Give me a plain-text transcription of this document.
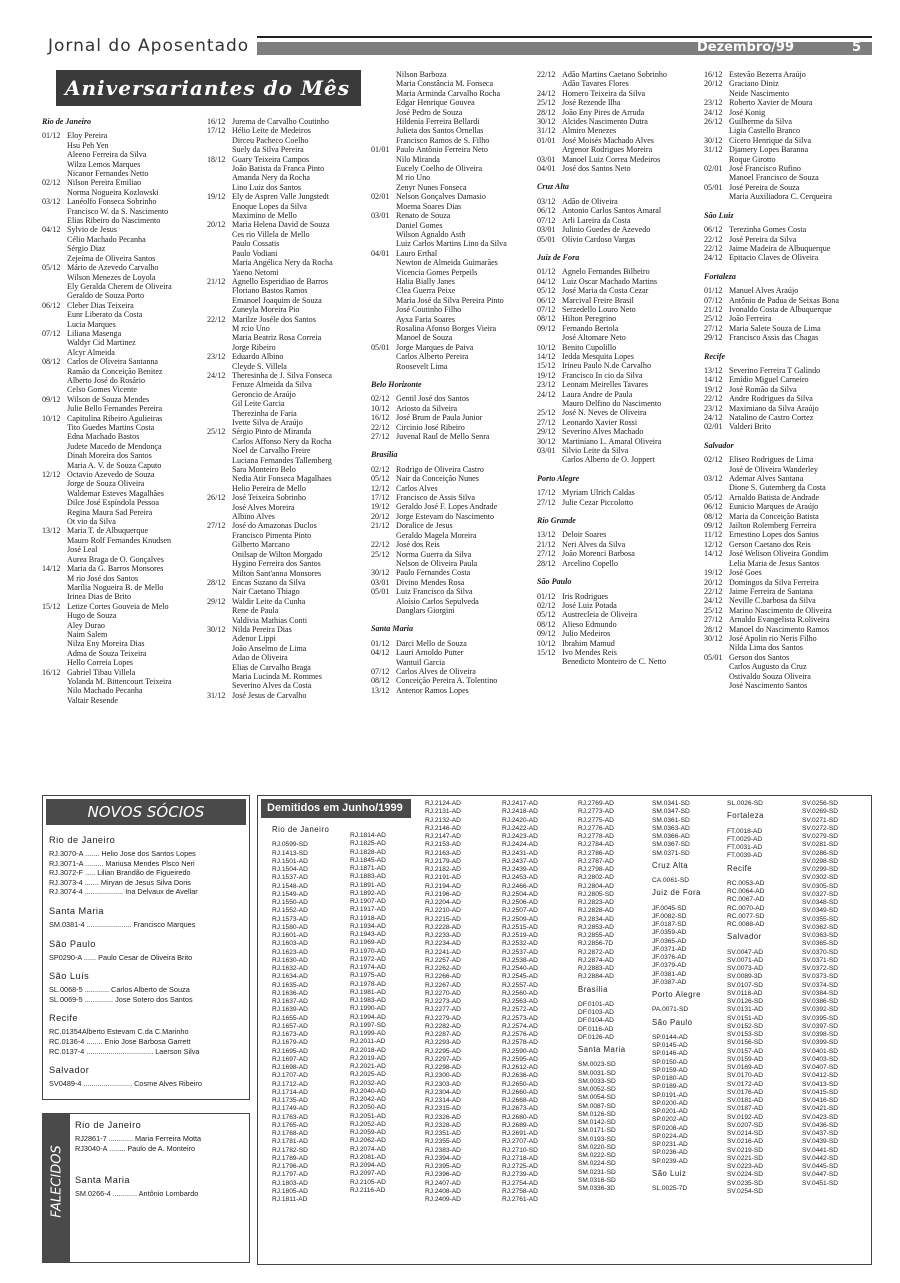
Jornal do Aposentado	Dezembro/99	5
Aniversariantes do Mês
Rio de Janeiro
01/12 Eloy Pereira
Hsu Peh Yen
Aleeno Ferreira da Silva
Wilza Lemos Marques
Nicanor Fernandes Netto
02/12 Nilson Pereira Emiliao
Norma Nogueira Kozlowski
03/12 Lanéolfo Fonseca Sobrinho
Francisco W. da S. Nascimento
Elias Ribeiro do Nascimento
04/12 Sylvio de Jesus
Célio Machado Pecanha
Sérgio Diaz
Zejeíma de Oliveira Santos
05/12 Mário de Azevedo Carvalho
Wilson Menezes de Loyola
Ely Geralda Cherem de Oliveira
Geraldo de Souza Porto
06/12 Cleber Dias Teixeira
Eunr Liberato da Costa
Lucia Marques
07/12 Liliana Masenga
Waldyr Cid Martinez
Alcyr Almeida
08/12 Carlos de Oliveira Santanna
Ramão da Conceição Benitez
Alberto José do Rosário
Celso Gomes Vicente
09/12 Wilson de Souza Mendes
Julie Bello Fernandes Pereira
10/12 Capitulina Ribeiro Agulieiras
Tito Guedes Martins Costa
Edna Machado Bastos
Judete Macedo de Mendonça
Dinah Moreira dos Santos
Maria A. V. de Souza Caputo
12/12 Octavio Azevedo de Souza
Jorge de Souza Oliveira
Waldemar Esteves Magalhães
Dilce José Espíndola Pessoa
Regina Maura Sad Pereira
Ot vio da Silva
13/12 Maria T. de Albuquerque
Mauro Rolf Fernandes Knudsen
José Leal
Aurea Braga de O. Gonçalves
14/12 Maria da G. Barros Monsores
M rio José dos Santos
Marília Nogueira B. de Mello
Irinea Dias de Brito
15/12 Letize Cortes Gouveia de Melo
Hugo de Souza
Aley Durao
Naim Salem
Nilza Eny Moreira Dias
Adma de Souza Teixeira
Hello Correia Lopes
16/12 Gabriel Tibau Villela
Yolanda M. Bittencourt Teixeira
Nilo Machado Pecanha
Valtair Resende
16/12 Jurema de Carvalho Coutinho
17/12 Hélio Leite de Medeiros
Dirceu Pacheco Coelho
Suely da Silva Pereira
18/12 Guary Teixeira Campos
João Batista da Franca Pinto
Amanda Nery da Rocha
Lino Luiz dos Santos
19/12 Ely de Aspren Valle Jungstedt
Enoque Lopes da Silva
Maximino de Mello
20/12 Maria Helena David de Souza
Ces rio Villela de Mello
Paulo Cossatis
Paulo Vodiani
Maria Angélica Nery da Rocha
Yaeno Netomi
21/12 Agnello Esperidiao de Barros
Floriano Bastos Ramos
Emanoel Joaquim de Souza
Zuneyla Moreira Pio
22/12 Marilze Joséle dos Santos
M rcio Uno
Maria Beatriz Rosa Correia
Jorge Ribeiro
23/12 Eduardo Albino
Cleyde S. Villela
24/12 Theresinha de J. Silva Fonseca
Feruze Almeida da Silva
Geroncio de Araújo
Gil Leite Garcia
Therezinha de Faria
Ivette Silva de Araújo
25/12 Sérgio Pinto de Miranda
Carlos Affonso Nery da Rocha
Noel de Carvalho Freire
Luciana Fernandes Tallemberg
Sara Monteiro Belo
Nedia Atir Fonseca Magalhaes
Helio Pereira de Mello
26/12 José Teixeira Sobrinho
José Alves Moreira
Albino Alves
27/12 José do Amazonas Duclos
Francisco Pimenta Pinto
Gilberto Marcano
Onilsap de Wilton Morgado
Hygino Ferreira dos Santos
Milton Sant'anna Monsores
28/12 Encas Suzano da Silva
Nair Caetano Thiago
29/12 Waldir Leite da Cunha
Rene de Paula
Valdivia Mathias Conti
30/12 Nilda Pereira Dias
Adenor Lippi
João Anselmo de Lima
Adao de Oliveira
Elias de Carvalho Braga
Maria Lucinda M. Rommes
Severino Alves da Costa
31/12 José Jesus de Carvalho
Nilson Barboza
Maria Constância M. Fonseca
Maria Arminda Carvalho Rocha
Edgar Henrique Gouvea
José Pedro de Souza
Hildenia Ferreira Bellardi
Julieta dos Santos Ornellas
Francisco Ramos de S. Filho
01/01 Paulo Antônio Ferreira Neto
Nilo Miranda
Eucely Coelho de Oliveira
M rio Uno
Zenyr Nunes Fonseca
02/01 Nelson Gonçalves Damasio
Moema Soares Dias
03/01 Renato de Souza
Daniel Gomes
Wilson Agnaldo Asth
Luiz Carlos Martins Lino da Silva
04/01 Lauro Erthal
Newton de Almeida Guimarães
Vicencia Gomes Perpeils
Halia Bially Janes
Clea Guerra Peixe
Maria José da Silva Pereira Pinto
José Coutinho Filho
Ayxa Faria Soares
Rosalina Afonso Borges Vieira
Manoel de Souza
05/01 Jorge Marques de Paiva
Carlos Alberto Pereira
Roosevelt Lima
Belo Horizonte
02/12 Gentil José dos Santos
10/12 Ariosto da Silveira
16/12 José Brum de Paula Junior
22/12 Circinio José Ribeiro
27/12 Juvenal Raul de Mello Senra
Brasília
02/12 Rodrigo de Oliveira Castro
05/12 Nair da Conceição Nunes
12/12 Carlos Alves
17/12 Francisco de Assis Silva
19/12 Geraldo José F. Lopes Andrade
20/12 Jorge Estevam do Nascimento
21/12 Doralice de Jesus
Geraldo Magela Moreira
22/12 José dos Reis
25/12 Norma Guerra da Silva
Nelson de Oliveira Paula
30/12 Paulo Fernandes Costa
03/01 Divino Mendes Rosa
05/01 Luiz Francisco da Silva
Aloísio Carlos Sepulveda
Danglars Giorgini
Santa Maria
01/12 Darci Mello de Souza
04/12 Lauri Arnoldo Putter
Wantuil Garcia
07/12 Carlos Alves de Oliveira
08/12 Conceição Pereira A. Tolentino
13/12 Antenor Ramos Lopes
22/12 Adão Martins Caetano Sobrinho
Adão Tavares Flores
24/12 Homero Teixeira da Silva
25/12 José Rezende Ilha
28/12 João Eny Pires de Arruda
30/12 Alcides Nascimento Dutra
31/12 Almiro Menezes
01/01 José Moisés Machado Alves
Argenor Rodrigues Moreira
03/01 Manoel Luiz Correa Medeiros
04/01 José dos Santos Neto
Cruz Alta
03/12 Adão de Oliveira
06/12 Antonio Carlos Santos Amaral
07/12 Arli Lareira da Costa
03/01 Julinio Guedes de Azevedo
05/01 Olívio Cardoso Vargas
Juiz de Fora
01/12 Agnelo Fernandes Bilheiro
04/12 Luiz Oscar Machado Martins
05/12 José Maria da Costa Cezar
06/12 Marcival Freire Brasil
07/12 Serzedello Louro Neto
08/12 Hilton Peregrino
09/12 Fernando Bertola
José Altomare Neto
10/12 Benito Cupolillo
14/12 Iedda Mesquita Lopes
15/12 Irineu Paulo N.de Carvalho
19/12 Francisco In cio da Silva
23/12 Leonam Meirelles Tavares
24/12 Laura Andre de Paula
Mauro Delfino do Nascimento
25/12 José N. Neves de Oliveira
27/12 Leonardo Xavier Rossi
29/12 Severino Alves Machado
30/12 Martiniano L. Amaral Oliveira
03/01 Silvio Leite da Silva
Carlos Alberto de O. Joppert
Porto Alegre
17/12 Myriam Ulrich Caldas
27/12 Julie Cezar Piccolotto
Rio Grande
13/12 Deloir Soares
21/12 Neri Alves da Silva
27/12 João Morenci Barbosa
28/12 Arcelino Copello
São Paulo
01/12 Iris Rodrigues
02/12 José Luiz Potada
05/12 Austrecleia de Oliveira
08/12 Alieso Edmundo
09/12 Julio Medeiros
10/12 Ibrahim Mamud
15/12 Ivo Mendes Reis
Benedicto Monteiro de C. Netto
16/12 Estevão Bezerra Araújo
20/12 Graciano Diniz
Neide Nascimento
23/12 Roberto Xavier de Moura
24/12 José Konig
26/12 Guilherme da Silva
Ligia Castello Branco
30/12 Cícero Henrique da Silva
31/12 Djamery Lopes Baranna
Roque Girotto
02/01 José Francisco Rufino
Manoel Francisco de Souza
05/01 José Pereira de Souza
Maria Auxiliadora C. Cerqueira
São Luiz
06/12 Terezinha Gomes Costa
22/12 José Pereira da Silva
22/12 Jaime Madeira de Albuquerque
24/12 Epitacio Claves de Oliveira
Fortaleza
01/12 Manuel Alves Araújo
07/12 Antônio de Padua de Seixas Bona
21/12 Ivonaldo Costa de Albuquerque
25/12 João Ferreira
27/12 Maria Salete Souza de Lima
29/12 Francisco Assis das Chagas
Recife
13/12 Severino Ferreira T Galindo
14/12 Emídio Miguel Carneiro
19/12 José Romão da Silva
22/12 Andre Rodrigues da Silva
23/12 Maximiano da Silva Araújo
24/12 Natalino de Castro Cortez
02/01 Valderi Brito
Salvador
02/12 Eliseo Rodrigues de Lima
José de Oliveira Wanderley
03/12 Ademar Alves Santana
Dione S. Gutemberg da Costa
05/12 Arnaldo Batista de Andrade
06/12 Eunicio Marques de Araújo
08/12 Maria da Conceição Batista
09/12 Jailton Rolemberg Ferreira
11/12 Ernestino Lopes dos Santos
12/12 Gerson Caetano dos Reis
14/12 José Welison Oliveira Gondim
Lelia Maria de Jesus Santos
19/12 José Goes
20/12 Domingos da Silva Ferreira
22/12 Jaime Ferreira de Santana
24/12 Neville C.barbosa da Silva
25/12 Marino Nascimento de Oliveira
27/12 Arnaldo Evangelista R.oliveira
28/12 Manoel do Nascimento Ramos
30/12 José Apolin rio Neris Filho
Nilda Lima dos Santos
05/01 Gerson dos Santos
Carlos Augusto da Cruz
Ostivaldo Souza Oliveira
José Nascimento Santos
NOVOS SÓCIOS
Rio de Janeiro
RJ.3070-A ....... Helio Jose dos Santos Lopes
RJ.3071-A ......... Mariusa Mendes Plsco Neri
RJ.3072-F ..... Lilian Brandão de Figueiredo
RJ.3073-4 ....... Miryan de Jesus Silva Doris
RJ.3074-4 ................... Ina Delvaux de Avellar
Santa Maria
SM.0381-4 ...................... Francisco Marques
São Paulo
SP0290-A ...... Paulo Cesar de Oliveira Brito
São Luís
SL.0068-5 ............ Carlos Alberto de Souza
SL.0069-5 .............. Jose Sotero dos Santos
Recife
RC.01354Alberto Estevam C.da C.Marinho
RC.0136-4 ........ Enio Jose Barbosa Garrett
RC.0137-4 ................................. Laerson Silva
Salvador
SV0489-4 ........................ Cosme Alves Ribeiro
FALECIDOS
Rio de Janeiro
RJ2861-7 ............ Maria Ferreira Motta
RJ3040-A ........ Paulo de A. Monteiro
Santa Maria
SM.0266-4 ............ Antônio Lombardo
Demitidos em Junho/1999
Rio de Janeiro
RJ.0599-SD
RJ.1413-SD
RJ.1501-AD
RJ.1504-AD
RJ.1537-AD
RJ.1548-AD
RJ.1549-AD
RJ.1550-AD
RJ.1552-AD
RJ.1573-AD
RJ.1580-AD
RJ.1601-AD
RJ.1603-AD
RJ.1623-AD
RJ.1630-AD
RJ.1632-AD
RJ.1634-AD
RJ.1635-AD
RJ.1636-AD
RJ.1637-AD
RJ.1639-AD
RJ.1655-AD
RJ.1657-AD
RJ.1673-AD
RJ.1679-AD
RJ.1695-AD
RJ.1697-AD
RJ.1698-AD
RJ.1707-AD
RJ.1712-AD
RJ.1714-AD
RJ.1735-AD
RJ.1749-AD
RJ.1763-AD
RJ.1765-AD
RJ.1768-AD
RJ.1781-AD
RJ.1782-SD
RJ.1789-AD
RJ.1796-AD
RJ.1797-AD
RJ.1803-AD
RJ.1805-AD
RJ.1811-AD
RJ.1814-AD
RJ.1825-AD
RJ.1828-AD
RJ.1845-AD
RJ.1871-AD
RJ.1883-AD
RJ.1891-AD
RJ.1892-AD
RJ.1907-AD
RJ.1917-AD
RJ.1918-AD
RJ.1934-AD
RJ.1943-AD
RJ.1969-AD
RJ.1970-AD
RJ.1972-AD
RJ.1974-AD
RJ.1975-AD
RJ.1978-AD
RJ.1981-AD
RJ.1983-AD
RJ.1990-AD
RJ.1994-AD
RJ.1997-SD
RJ.1999-AD
RJ.2011-AD
RJ.2018-AD
RJ.2019-AD
RJ.2021-AD
RJ.2025-AD
RJ.2032-AD
RJ.2040-AD
RJ.2042-AD
RJ.2050-AD
RJ.2051-AD
RJ.2052-AD
RJ.2059-AD
RJ.2062-AD
RJ.2074-AD
RJ.2081-AD
RJ.2094-AD
RJ.2097-AD
RJ.2105-AD
RJ.2116-AD
RJ.2124-AD
RJ.2131-AD
RJ.2132-AD
RJ.2146-AD
RJ.2147-AD
RJ.2153-AD
RJ.2163-AD
RJ.2179-AD
RJ.2182-AD
RJ.2191-AD
RJ.2194-AD
RJ.2196-AD
RJ.2204-AD
RJ.2210-AD
RJ.2215-AD
RJ.2228-AD
RJ.2233-AD
RJ.2234-AD
RJ.2241-AD
RJ.2257-AD
RJ.2262-AD
RJ.2266-AD
RJ.2267-AD
RJ.2270-AD
RJ.2273-AD
RJ.2277-AD
RJ.2279-AD
RJ.2282-AD
RJ.2287-AD
RJ.2293-AD
RJ.2295-AD
RJ.2297-AD
RJ.2298-AD
RJ.2300-AD
RJ.2303-AD
RJ.2304-AD
RJ.2314-AD
RJ.2315-AD
RJ.2326-AD
RJ.2328-AD
RJ.2351-AD
RJ.2355-AD
RJ.2383-AD
RJ.2394-AD
RJ.2395-AD
RJ.2396-AD
RJ.2407-AD
RJ.2408-AD
RJ.2409-AD
RJ.2417-AD
RJ.2418-AD
RJ.2420-AD
RJ.2422-AD
RJ.2423-AD
RJ.2424-AD
RJ.2431-AD
RJ.2437-AD
RJ.2439-AD
RJ.2453-AD
RJ.2466-AD
RJ.2504-AD
RJ.2506-AD
RJ.2507-AD
RJ.2509-AD
RJ.2515-AD
RJ.2519-AD
RJ.2532-AD
RJ.2537-AD
RJ.2538-AD
RJ.2540-AD
RJ.2545-AD
RJ.2557-AD
RJ.2560-AD
RJ.2563-AD
RJ.2572-AD
RJ.2573-AD
RJ.2574-AD
RJ.2576-AD
RJ.2578-AD
RJ.2590-AD
RJ.2595-AD
RJ.2612-AD
RJ.2636-AD
RJ.2650-AD
RJ.2660-AD
RJ.2668-AD
RJ.2673-AD
RJ.2680-AD
RJ.2689-AD
RJ.2691-AD
RJ.2707-AD
RJ.2710-SD
RJ.2718-AD
RJ.2725-AD
RJ.2739-AD
RJ.2754-AD
RJ.2758-AD
RJ.2761-AD
RJ.2769-AD
RJ.2773-AD
RJ.2775-AD
RJ.2776-AD
RJ.2778-AD
RJ.2784-AD
RJ.2786-AD
RJ.2787-AD
RJ.2798-AD
RJ.2802-AD
RJ.2804-AD
RJ.2805-SD
RJ.2823-AD
RJ.2828-AD
RJ.2834-AD
RJ.2853-AD
RJ.2855-AD
RJ.2856-7D
RJ.2872-AD
RJ.2874-AD
RJ.2883-AD
RJ.2884-AD
Brasília
DF.0101-AD
DF.0103-AD
DF.0104-AD
DF.0116-AD
DF.0126-AD
Santa Maria
SM.0023-SD
SM.0031-SD
SM.0033-SD
SM.0052-SD
SM.0054-SD
SM.0087-SD
SM.0126-SD
SM.0142-SD
SM.0171-SD
SM.0193-SD
SM.0220-SD
SM.0222-SD
SM.0224-SD
SM.0231-SD
SM.0316-SD
SM.0336-3D
SM.0341-SD
SM.0347-SD
SM.0361-SD
SM.0363-AD
SM.0366-AD
SM.0367-SD
SM.0371-SD
Cruz Alta
CA.0061-SD
Juiz de Fora
JF.0045-SD
JF.0082-SD
JF.0187-SD
JF.0359-AD
JF.0365-AD
JF.0371-AD
JF.0376-AD
JF.0379-AD
JF.0381-AD
JF.0387-AD
Porto Alegre
PA.0071-SD
São Paulo
SP.0144-AD
SP.0145-AD
SP.0146-AD
SP.0150-AD
SP.0159-AD
SP.0180-AD
SP.0189-AD
SP.0191-AD
SP.0200-AD
SP.0201-AD
SP.0202-AD
SP.0208-AD
SP.0224-AD
SP.0231-AD
SP.0236-AD
SP.0239-AD
São Luiz
SL.0025-7D
SL.0026-SD
Fortaleza
FT.0018-AD
FT.0029-AD
FT.0031-AD
FT.0039-AD
Recife
RC.0053-AD
RC.0064-AD
RC.0067-AD
RC.0070-AD
RC.0077-SD
RC.0088-AD
Salvador
SV.0047-AD
SV.0071-AD
SV.0073-AD
SV.0089-3D
SV.0107-SD
SV.0118-AD
SV.0126-SD
SV.0131-AD
SV.0151-AD
SV.0152-SD
SV.0153-SD
SV.0156-SD
SV.0157-AD
SV.0159-AD
SV.0169-AD
SV.0170-AD
SV.0172-AD
SV.0176-AD
SV.0181-AD
SV.0187-AD
SV.0192-AD
SV.0207-SD
SV.0214-SD
SV.0216-AD
SV.0219-SD
SV.0221-SD
SV.0223-AD
SV.0224-SD
SV.0235-SD
SV.0254-SD
SV.0256-SD
SV.0269-SD
SV.0271-SD
SV.0272-SD
SV.0279-SD
SV.0281-SD
SV.0286-SD
SV.0298-SD
SV.0299-SD
SV.0302-SD
SV.0305-SD
SV.0327-SD
SV.0348-SD
SV.0349-SD
SV.0355-SD
SV.0362-SD
SV.0363-SD
SV.0365-SD
SV.0370-SD
SV.0371-SD
SV.0372-SD
SV.0373-SD
SV.0374-SD
SV.0384-SD
SV.0386-SD
SV.0392-SD
SV.0395-SD
SV.0397-SD
SV.0398-SD
SV.0399-SD
SV.0401-SD
SV.0403-SD
SV.0407-SD
SV.0412-SD
SV.0413-SD
SV.0415-SD
SV.0416-SD
SV.0421-SD
SV.0423-SD
SV.0436-SD
SV.0437-SD
SV.0439-SD
SV.0441-SD
SV.0442-SD
SV.0445-SD
SV.0447-SD
SV.0451-SD
